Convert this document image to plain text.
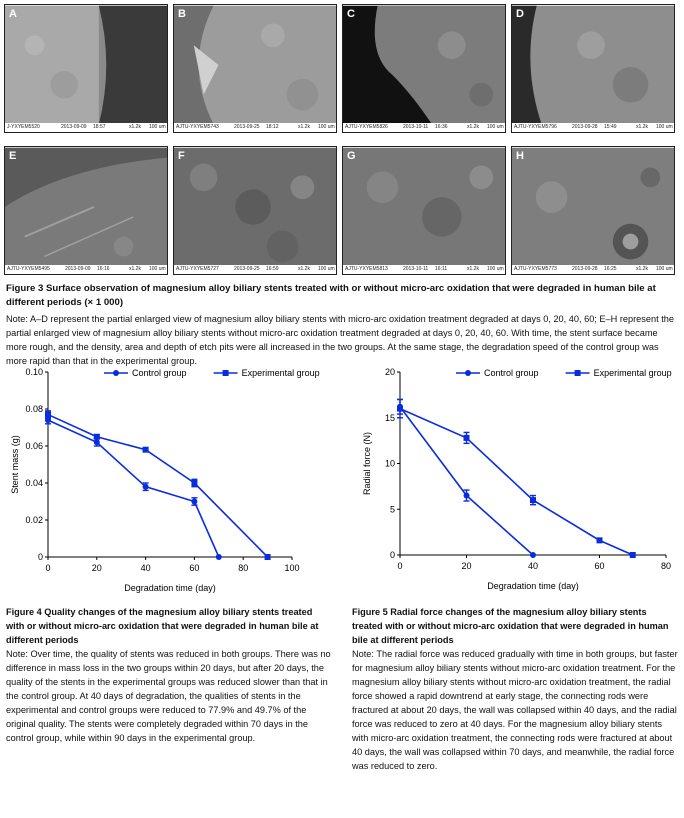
A
J-YXYEM5520	2013-09-09 18:57	x1.2k 100 um
B
AJTU-YXYEM5743	2013-09-25 18:12	x1.2k 100 um
C
AJTU-YXYEM5826	2013-10-11 16:36	x1.2k 100 um
D
AJTU-YXYEM5796	2013-09-28 15:49	x1.2k 100 um
E
AJTU-YXYEM5495	2013-09-09 16:16	x1.2k 100 um
F
AJTU-YXYEM5727	2013-09-25 16:59	x1.2k 100 um
G
AJTU-YXYEM5813	2013-10-11 16:11	x1.2k 100 um
H
AJTU-YXYEM5773	2013-09-28 16:25	x1.2k 100 um

Figure 3 Surface observation of magnesium alloy biliary stents treated with or without micro-arc oxidation that were degraded in human bile at different periods (× 1 000)

Note: A–D represent the partial enlarged view of magnesium alloy biliary stents with micro-arc oxidation treatment degraded at days 0, 20, 40, 60; E–H represent the partial enlarged view of magnesium alloy biliary stents without micro-arc oxidation treatment degraded at days 0, 20, 40, 60. With time, the stent surface became more rough, and the density, area and depth of etch pits were all increased in the two groups. At the same stage, the degradation speed of the control group was more rapid than that in the experimental group.

0	20	40	60	80	100
0
0.02
0.04
0.06
0.08
0.10
Degradation time (day)
Stent mass (g)
Control group	Experimental group
0	20	40	60	80
0
5
10
15
20
Degradation time (day)
Radial force (N)
Control group	Experimental group
Figure 4 Quality changes of the magnesium alloy biliary stents treated with or without micro-arc oxidation that were degraded in human bile at different periods
Note: Over time, the quality of stents was reduced in both groups. There was no difference in mass loss in the two groups within 20 days, but after 20 days, the quality of the stents in the experimental groups was reduced slower than that in the control group. At 40 days of degradation, the qualities of stents in the experimental and control groups were reduced to 77.9% and 49.7% of the original quality. The stents were completely degraded within 70 days in the control group, while within 90 days in the experimental group.
Figure 5 Radial force changes of the magnesium alloy biliary stents treated with or without micro-arc oxidation that were degraded in human bile at different periods
Note: The radial force was reduced gradually with time in both groups, but faster for magnesium alloy biliary stents without micro-arc oxidation treatment. For the magnesium alloy biliary stents without micro-arc oxidation treatment, the radial force showed a rapid downtrend at early stage, the connecting rods were fractured at about 20 days, the wall was collapsed within 40 days, and the radial force was reduced to zero at 40 days. For the magnesium alloy biliary stents with micro-arc oxidation treatment, the connecting rods were fractured at about 40 days, the wall was collapsed within 70 days, and meanwhile, the radial force was reduced to zero.
